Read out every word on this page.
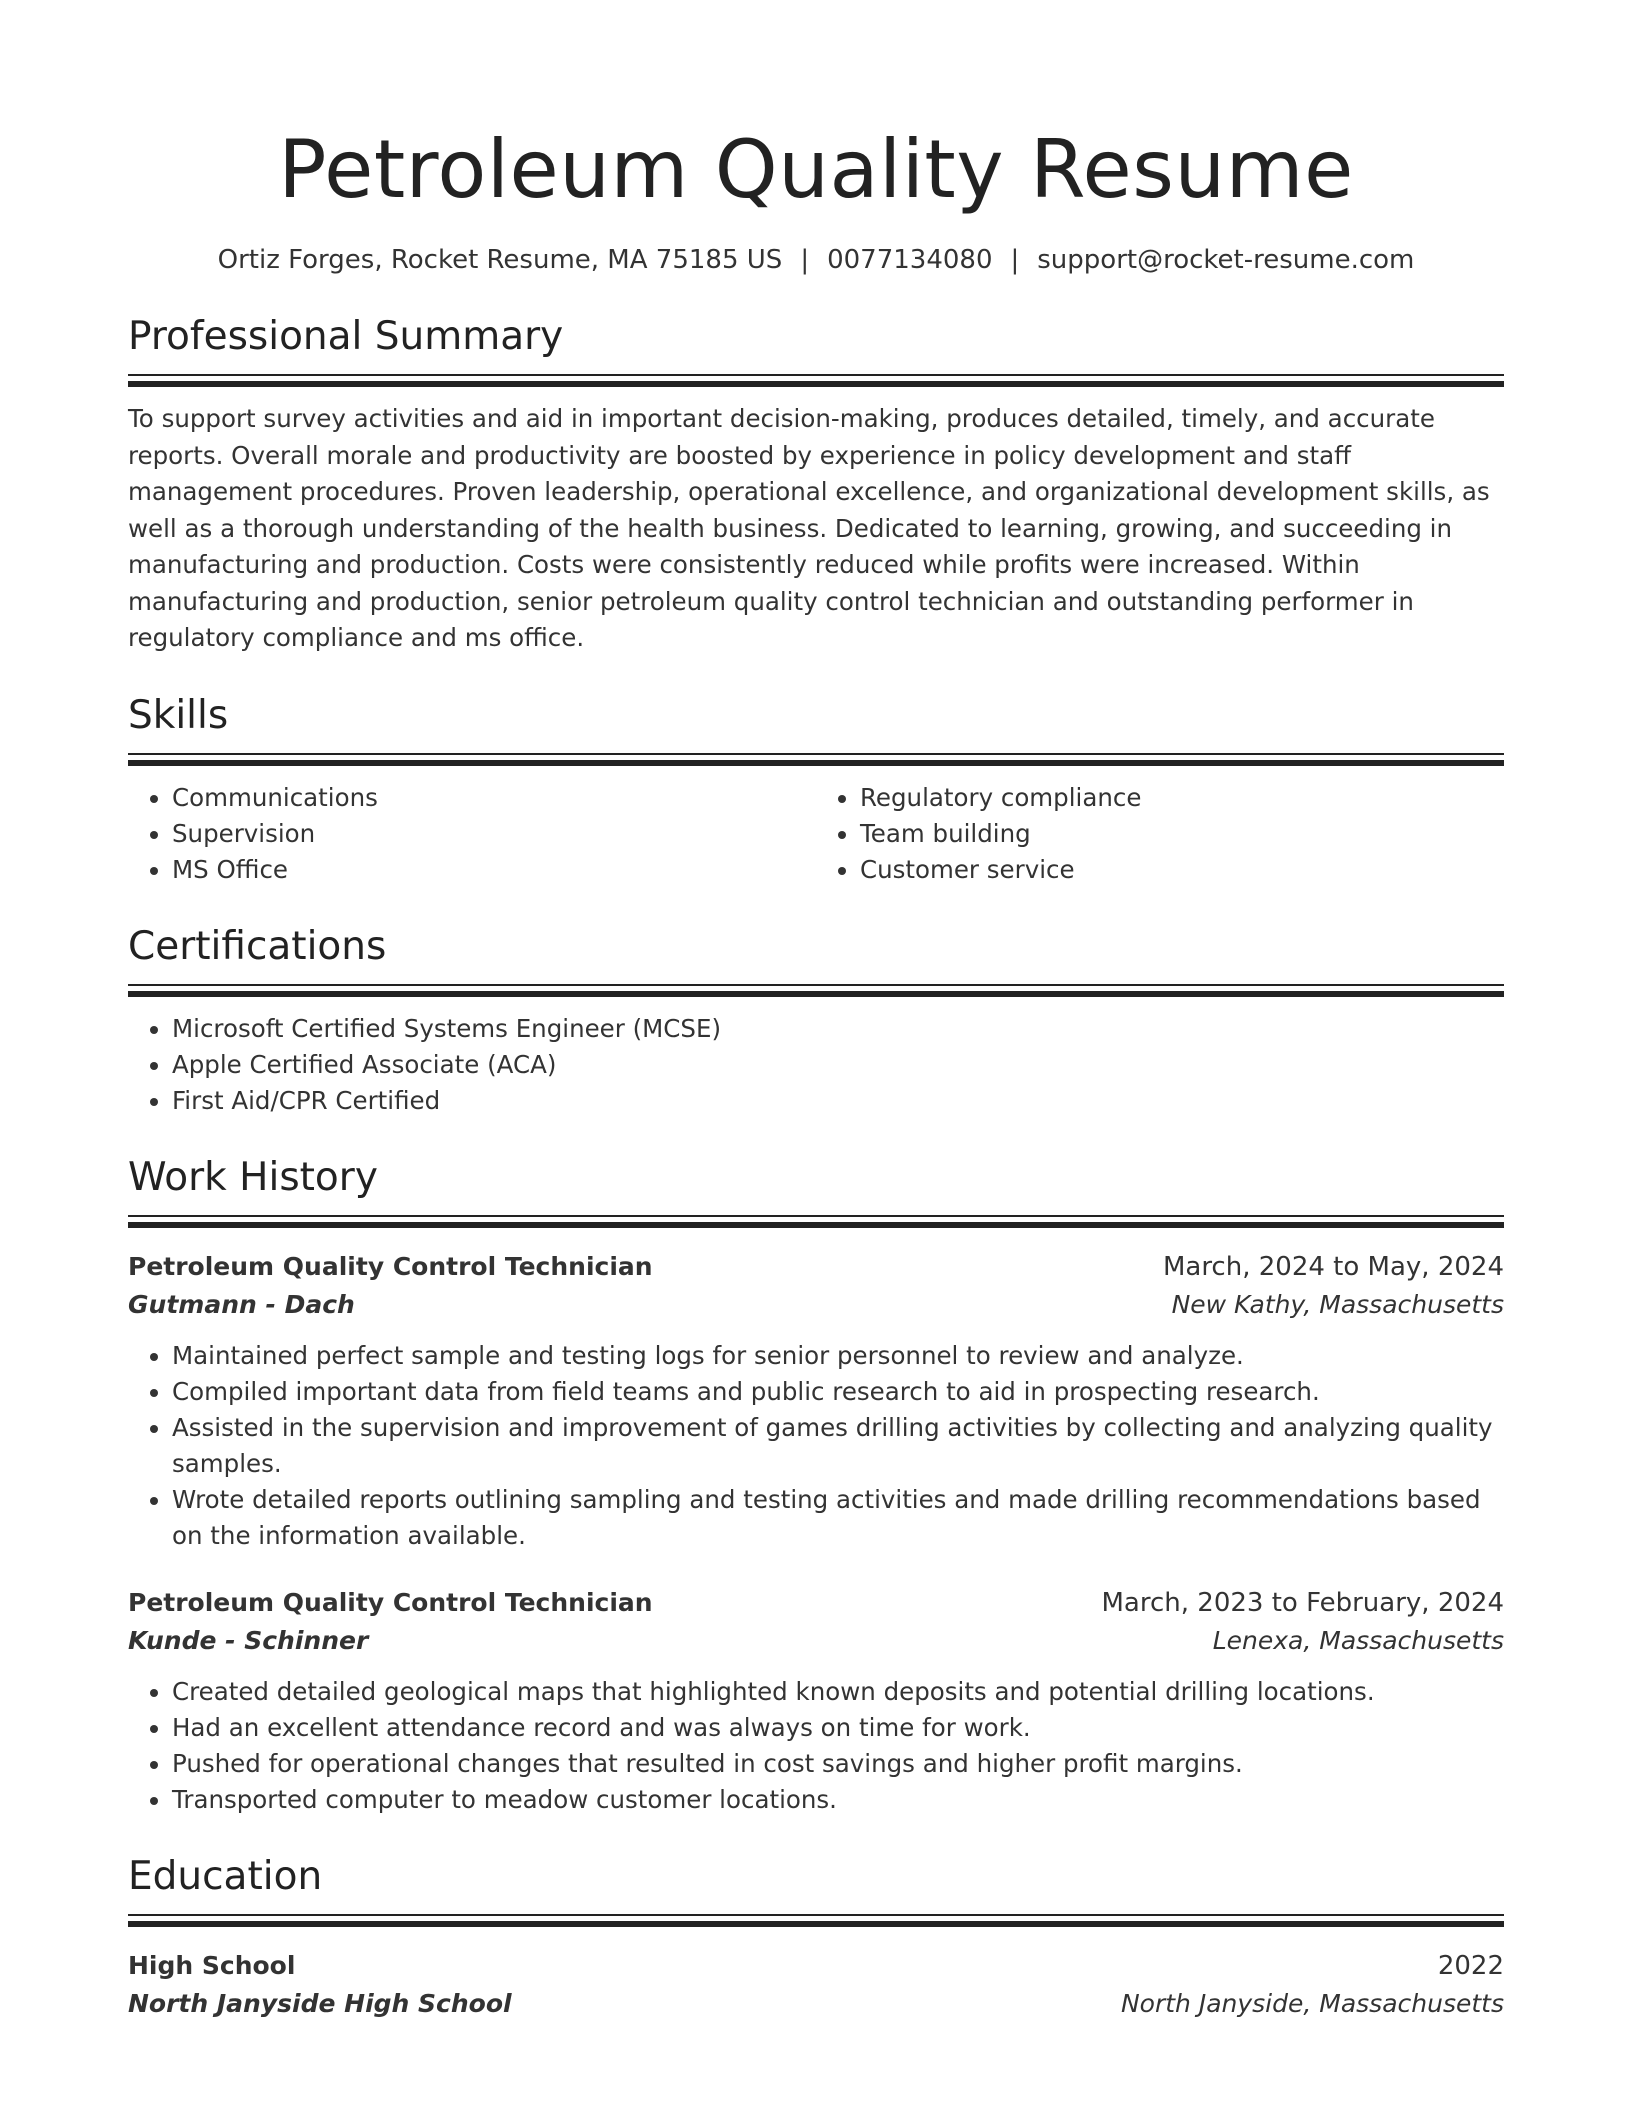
Petroleum Quality Resume
Ortiz Forges, Rocket Resume, MA 75185 US | 0077134080 | support@rocket-resume.com
Professional Summary
To support survey activities and aid in important decision-making, produces detailed, timely, and accurate reports. Overall morale and productivity are boosted by experience in policy development and staff management procedures. Proven leadership, operational excellence, and organizational development skills, as well as a thorough understanding of the health business. Dedicated to learning, growing, and succeeding in manufacturing and production. Costs were consistently reduced while profits were increased. Within manufacturing and production, senior petroleum quality control technician and outstanding performer in regulatory compliance and ms office.
Skills
• Communications
• Supervision
• MS Office
• Regulatory compliance
• Team building
• Customer service
Certifications
• Microsoft Certified Systems Engineer (MCSE)
• Apple Certified Associate (ACA)
• First Aid/CPR Certified
Work History
Petroleum Quality Control Technician	March, 2024 to May, 2024
Gutmann - Dach	New Kathy, Massachusetts
• Maintained perfect sample and testing logs for senior personnel to review and analyze.
• Compiled important data from field teams and public research to aid in prospecting research.
• Assisted in the supervision and improvement of games drilling activities by collecting and analyzing quality samples.
• Wrote detailed reports outlining sampling and testing activities and made drilling recommendations based on the information available.
Petroleum Quality Control Technician	March, 2023 to February, 2024
Kunde - Schinner	Lenexa, Massachusetts
• Created detailed geological maps that highlighted known deposits and potential drilling locations.
• Had an excellent attendance record and was always on time for work.
• Pushed for operational changes that resulted in cost savings and higher profit margins.
• Transported computer to meadow customer locations.
Education
High School	2022
North Janyside High School	North Janyside, Massachusetts
